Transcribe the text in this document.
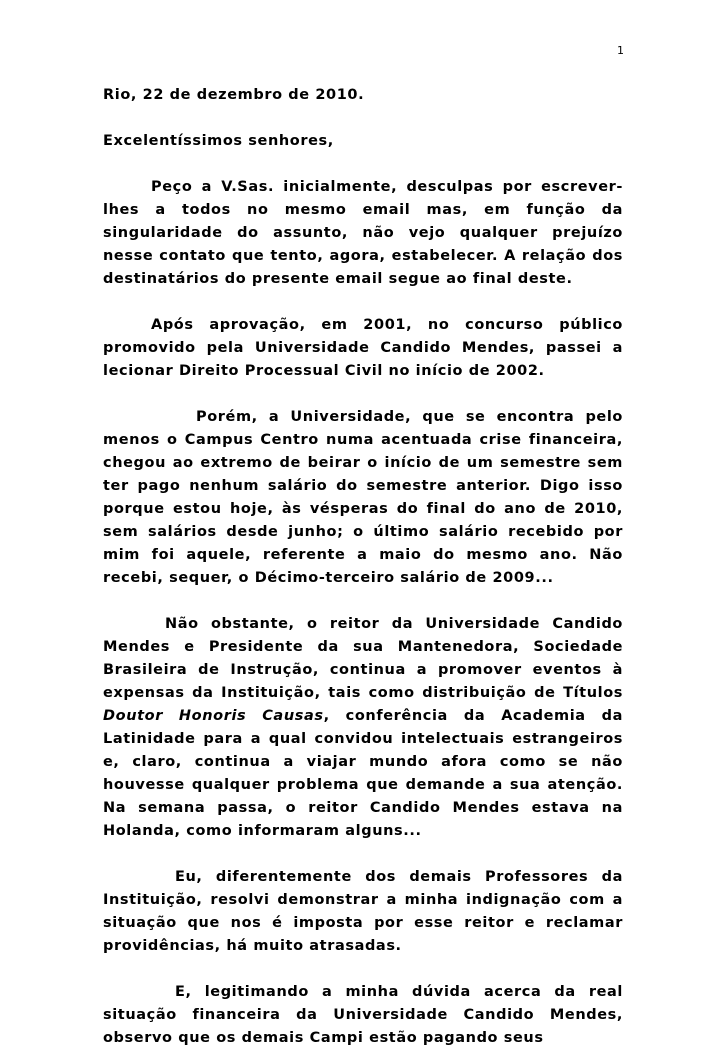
1

Rio, 22 de dezembro de 2010.

Excelentíssimos senhores,

Peço a V.Sas. inicialmente, desculpas por escrever-lhes a todos no mesmo email mas, em função da singularidade do assunto, não vejo qualquer prejuízo nesse contato que tento, agora, estabelecer. A relação dos destinatários do presente email segue ao final deste.

Após aprovação, em 2001, no concurso público promovido pela Universidade Candido Mendes, passei a lecionar Direito Processual Civil no início de 2002.

Porém, a Universidade, que se encontra pelo menos o Campus Centro numa acentuada crise financeira, chegou ao extremo de beirar o início de um semestre sem ter pago nenhum salário do semestre anterior. Digo isso porque estou hoje, às vésperas do final do ano de 2010, sem salários desde junho; o último salário recebido por mim foi aquele, referente a maio do mesmo ano. Não recebi, sequer, o Décimo-terceiro salário de 2009...

Não obstante, o reitor da Universidade Candido Mendes e Presidente da sua Mantenedora, Sociedade Brasileira de Instrução, continua a promover eventos à expensas da Instituição, tais como distribuição de Títulos Doutor Honoris Causas, conferência da Academia da Latinidade para a qual convidou intelectuais estrangeiros e, claro, continua a viajar mundo afora como se não houvesse qualquer problema que demande a sua atenção. Na semana passa, o reitor Candido Mendes estava na Holanda, como informaram alguns...

Eu, diferentemente dos demais Professores da Instituição, resolvi demonstrar a minha indignação com a situação que nos é imposta por esse reitor e reclamar providências, há muito atrasadas.

E, legitimando a minha dúvida acerca da real situação financeira da Universidade Candido Mendes, observo que os demais Campi estão pagando seus
